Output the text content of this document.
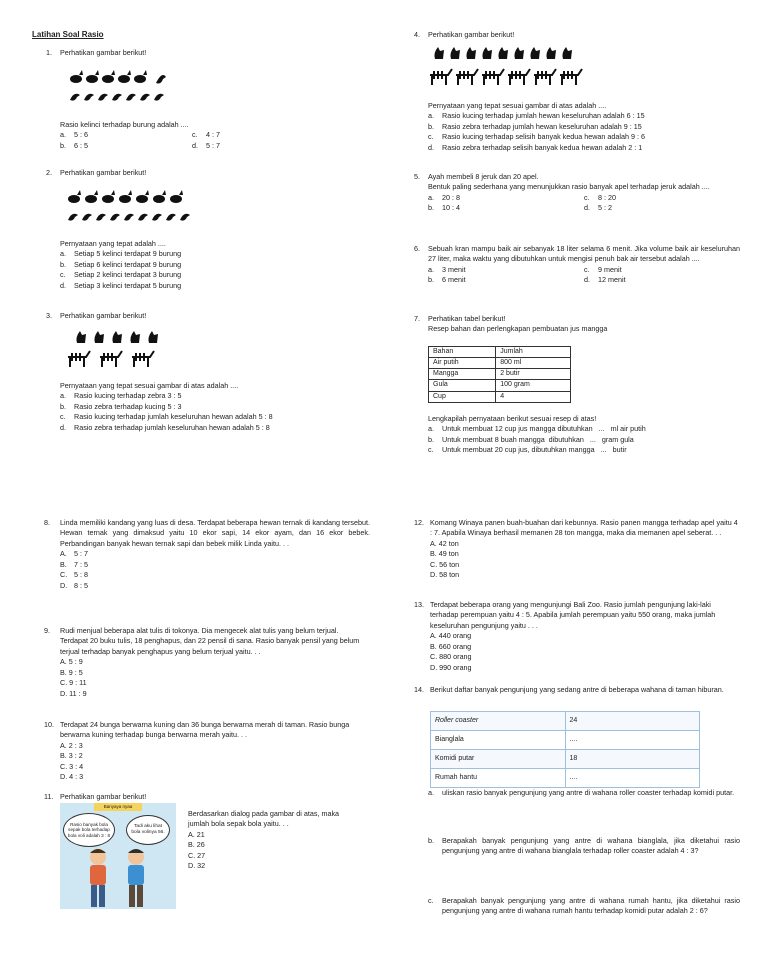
Latihan Soal Rasio
1. Perhatikan gambar berikut!
Rasio kelinci terhadap burung adalah ....
a.	5 : 6
b.	6 : 5
c.	4 : 7
d.	5 : 7
2. Perhatikan gambar berikut!
Pernyataan yang tepat adalah ....
a.	Setiap 5 kelinci terdapat 9 burung
b.	Setiap 6 kelinci terdapat 9 burung
c.	Setiap 2 kelinci terdapat 3 burung
d.	Setiap 3 kelinci terdapat 5 burung
3. Perhatikan gambar berikut!
Pernyataan yang tepat sesuai gambar di atas adalah ....
a.	Rasio kucing terhadap zebra 3 : 5
b.	Rasio zebra terhadap kucing 5 : 3
c.	Rasio kucing terhadap jumlah keseluruhan hewan adalah 5 : 8
d.	Rasio zebra terhadap jumlah keseluruhan hewan adalah 5 : 8
4. Perhatikan gambar berikut!
Pernyataan yang tepat sesuai gambar di atas adalah ....
a.	Rasio kucing terhadap jumlah hewan keseluruhan adalah 6 : 15
b.	Rasio zebra terhadap jumlah hewan keseluruhan adalah 9 : 15
c.	Rasio kucing terhadap selisih banyak kedua hewan adalah 9 : 6
d.	Rasio zebra terhadap selisih banyak kedua hewan adalah 2 : 1
5. Ayah membeli 8 jeruk dan 20 apel.
Bentuk paling sederhana yang menunjukkan rasio banyak apel terhadap jeruk adalah ....
a.	20 : 8
b.	10 : 4
c.	8 : 20
d.	5 : 2
6.	Sebuah kran mampu baik air sebanyak 18 liter selama 6 menit. Jika volume baik air keseluruhan 27 liter, maka waktu yang dibutuhkan untuk mengisi penuh bak air tersebut adalah ....
a.	3 menit
b.	6 menit
c.	9 menit
d.	12 menit
7. Perhatikan tabel berikut!
Resep bahan dan perlengkapan pembuatan jus mangga
Bahan	Jumlah
Air putih	800 ml
Mangga	2 butir
Gula	100 gram
Cup	4
Lengkapilah pernyataan berikut sesuai resep di atas!
a.	Untuk membuat 12 cup jus mangga dibutuhkan   ...   ml air putih
b.	Untuk membuat 8 buah mangga  dibutuhkan   ...   gram gula
c.	Untuk membuat 20 cup jus, dibutuhkan mangga   ...   butir
8.	Linda memiliki kandang yang luas di desa. Terdapat beberapa hewan ternak di kandang tersebut. Hewan ternak yang dimaksud yaitu 10 ekor sapi, 14 ekor ayam, dan 16 ekor bebek. Perbandingan banyak hewan ternak sapi dan bebek milik Linda yaitu. . .
A.	5 : 7
B.	7 : 5
C. 5 : 8
D. 8 : 5
9.	Rudi menjual beberapa alat tulis di tokonya. Dia mengecek alat tulis yang belum terjual. Terdapat 20 buku tulis, 18 penghapus, dan 22 pensil di sana. Rasio banyak pensil yang belum terjual terhadap banyak penghapus yang belum terjual yaitu. . .
A. 5 : 9
B. 9 : 5
C. 9 : 11
D. 11 : 9
10. Terdapat 24 bunga berwarna kuning dan 36 bunga berwarna merah di taman. Rasio bunga berwarna kuning terhadap bunga berwarna merah yaitu. . .
A. 2 : 3
B. 3 : 2
C. 3 : 4
D. 4 : 3
11. Perhatikan gambar berikut!
Banyaya nyaa
Rasio banyak bola sepak bola terhadap bola voli adalah 3 : 8
Tadi aku lihat bola volinya 56.
Berdasarkan dialog pada gambar di atas, maka jumlah bola sepak bola yaitu. . .
A. 21
B. 26
C. 27
D. 32
12. Komang Winaya panen buah-buahan dari kebunnya. Rasio panen mangga terhadap apel yaitu 4 : 7. Apabila Winaya berhasil memanen 28 ton mangga, maka dia memanen apel seberat. . .
A. 42 ton
B. 49 ton
C. 56 ton
D. 58 ton
13. Terdapat beberapa orang yang mengunjungi Bali Zoo. Rasio jumlah pengunjung laki-laki terhadap perempuan yaitu 4 : 5. Apabila jumlah perempuan yaitu 550 orang, maka jumlah keseluruhan pengunjung yaitu . . .
A. 440 orang
B. 660 orang
C. 880 orang
D. 990 orang
14. Berikut daftar banyak pengunjung yang sedang antre di beberapa wahana di taman hiburan.
Roller coaster	24
Bianglala	....
Komidi putar	18
Rumah hantu	....
a.	uliskan rasio banyak pengunjung yang antre di wahana roller coaster terhadap komidi putar.
b.	Berapakah banyak pengunjung yang antre di wahana bianglala, jika diketahui rasio pengunjung yang antre di wahana bianglala terhadap roller coaster adalah 4 : 3?
c.	Berapakah banyak pengunjung yang antre di wahana rumah hantu, jika diketahui rasio pengunjung yang antre di wahana rumah hantu terhadap komidi putar adalah 2 : 6?
